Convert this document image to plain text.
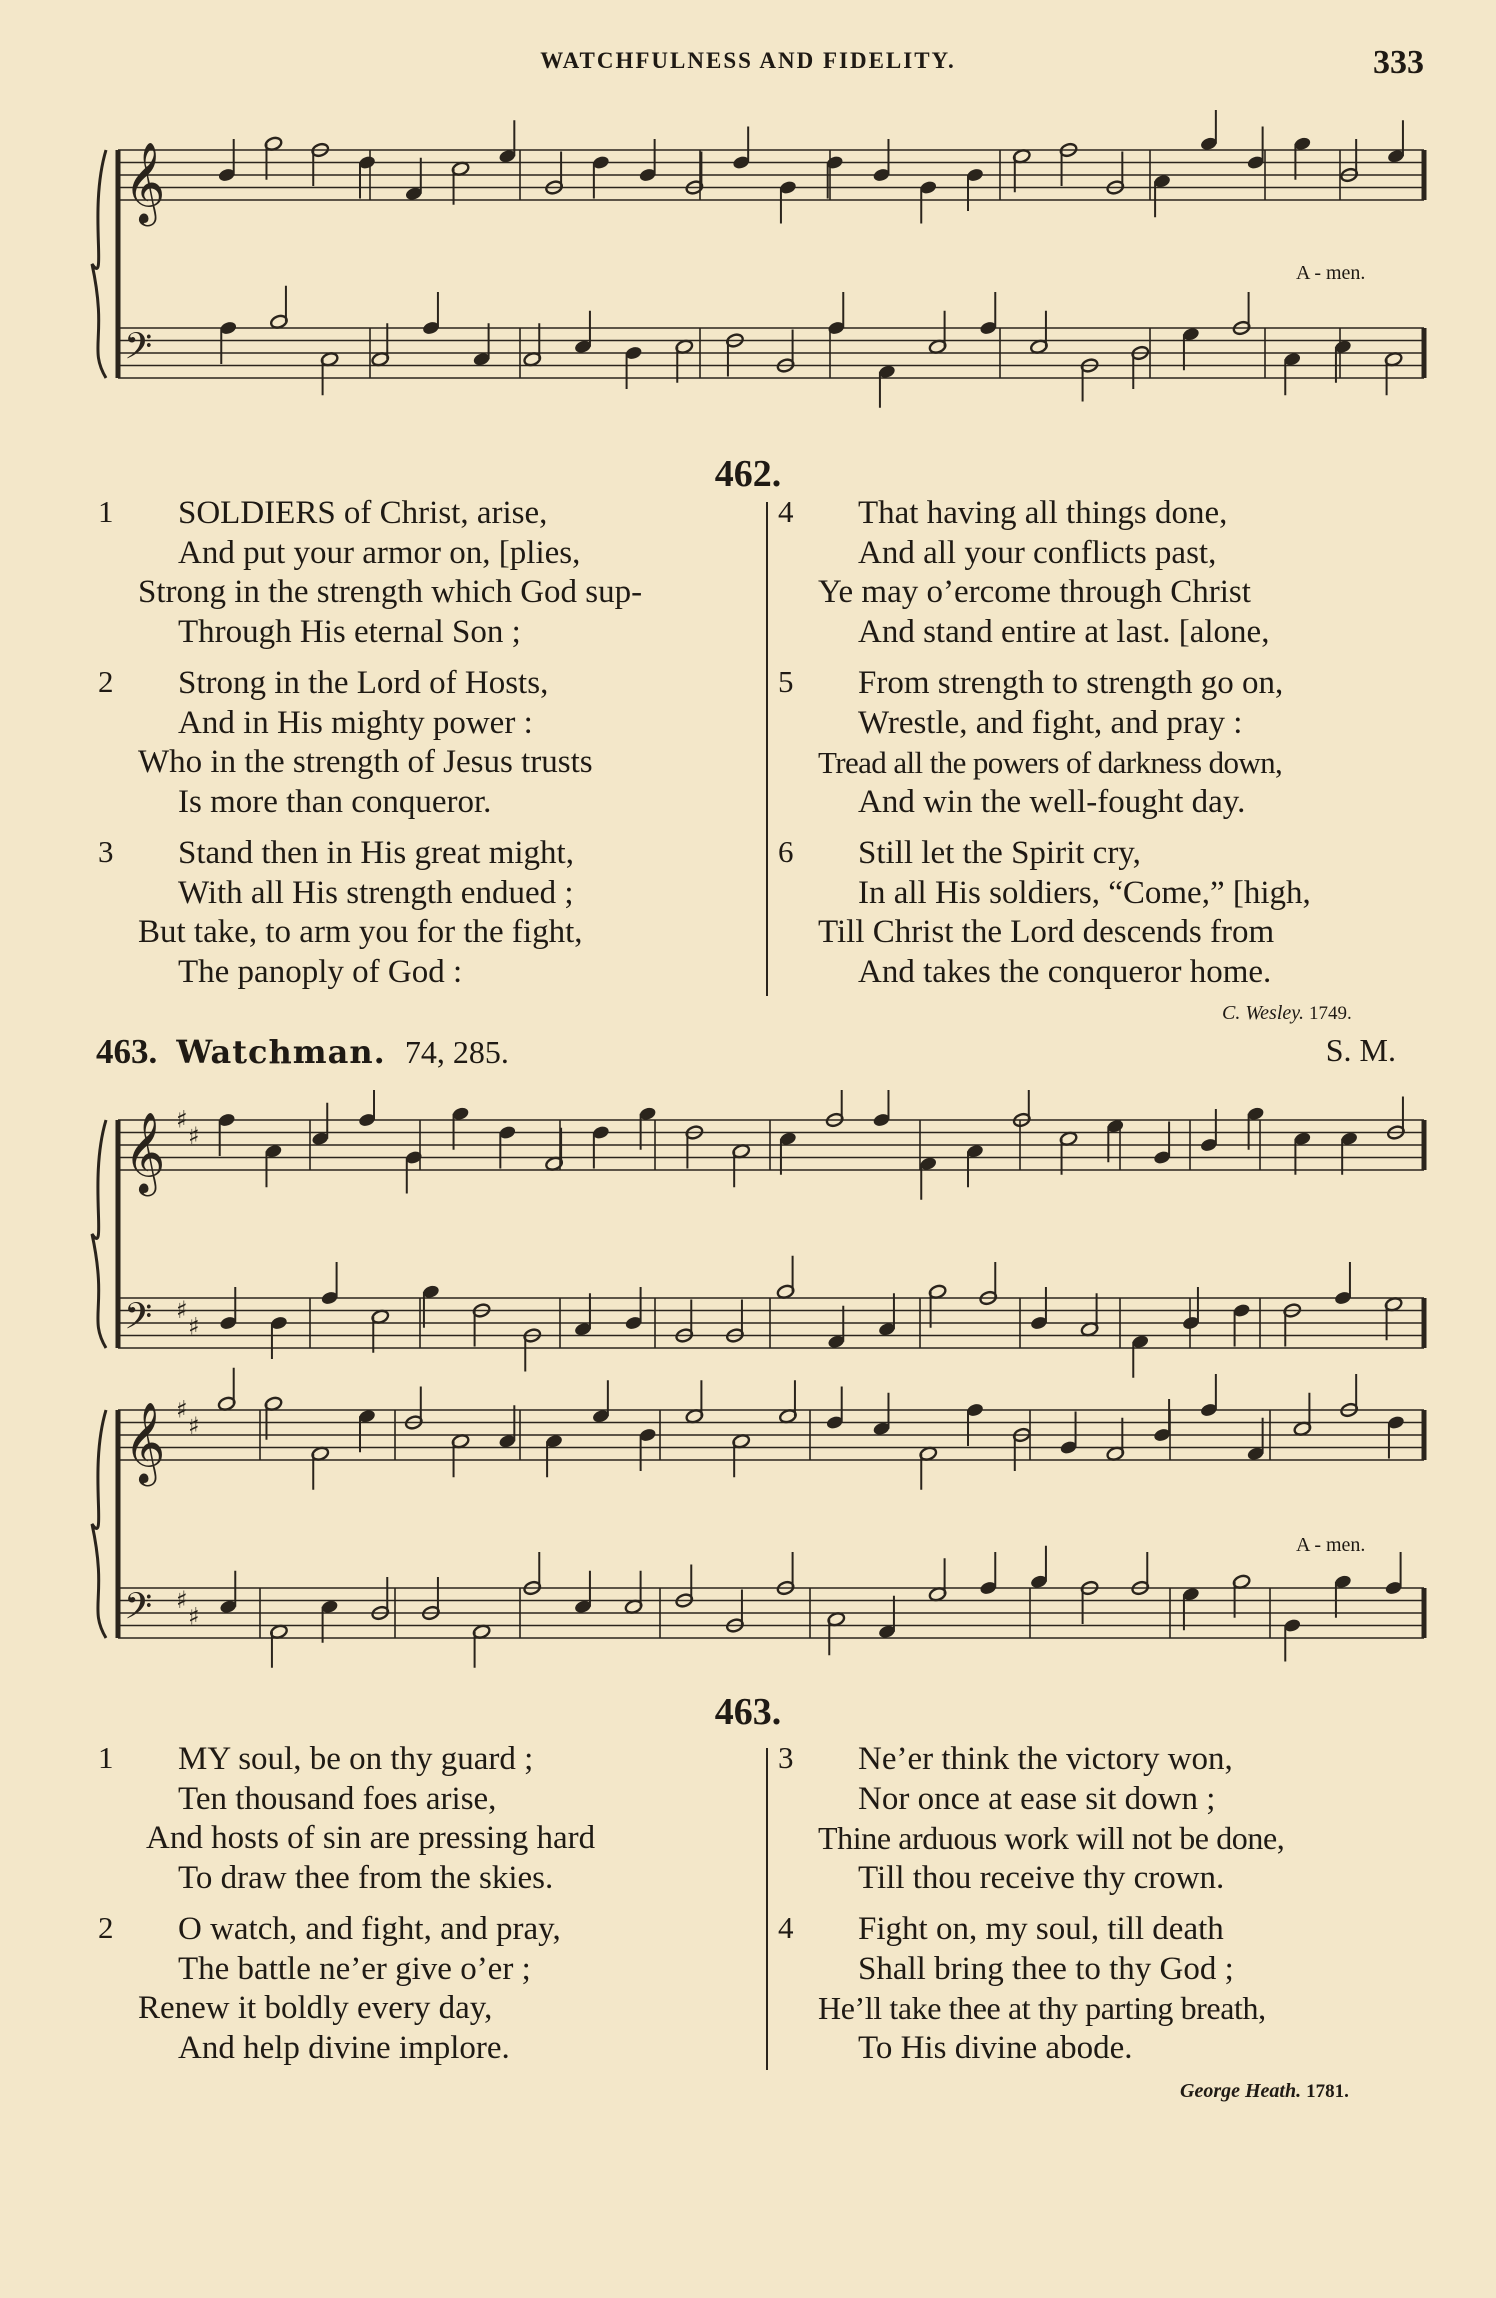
WATCHFULNESS AND FIDELITY.	333
𝄞
𝄢
A - men.
462.
1	SOLDIERS of Christ, arise,
And put your armor on, [plies,
Strong in the strength which God sup-
Through His eternal Son ;
2	Strong in the Lord of Hosts,
And in His mighty power :
Who in the strength of Jesus trusts
Is more than conqueror.
3	Stand then in His great might,
With all His strength endued ;
But take, to arm you for the fight,
The panoply of God :
4	That having all things done,
And all your conflicts past,
Ye may o’ercome through Christ
And stand entire at last. [alone,
5	From strength to strength go on,
Wrestle, and fight, and pray :
Tread all the powers of darkness down,
And win the well-fought day.
6	Still let the Spirit cry,
In all His soldiers, “Come,” [high,
Till Christ the Lord descends from
And takes the conqueror home.
C. Wesley. 1749.
463. Watchman. 74, 285.	S. M.
𝄞 ♯
♯
𝄢 ♯
♯
𝄞 ♯
♯
𝄢 ♯
♯
A - men.
463.
1	MY soul, be on thy guard ;
Ten thousand foes arise,
And hosts of sin are pressing hard
To draw thee from the skies.
2	O watch, and fight, and pray,
The battle ne’er give o’er ;
Renew it boldly every day,
And help divine implore.
3	Ne’er think the victory won,
Nor once at ease sit down ;
Thine arduous work will not be done,
Till thou receive thy crown.
4	Fight on, my soul, till death
Shall bring thee to thy God ;
He’ll take thee at thy parting breath,
To His divine abode.
George Heath. 1781.
